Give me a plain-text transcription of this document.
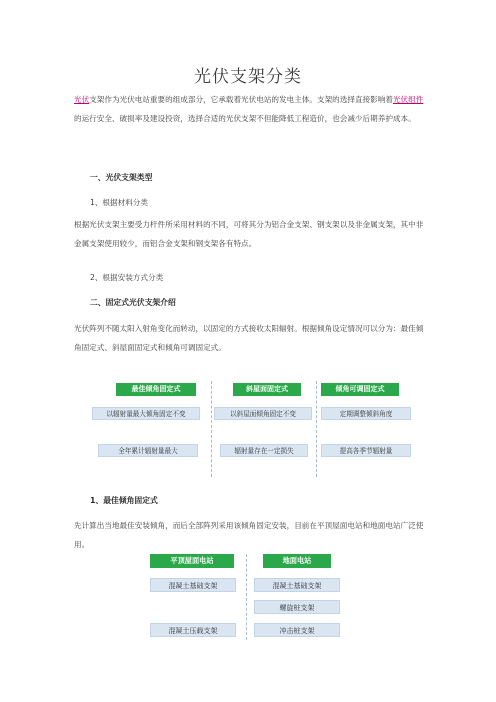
光伏支架分类
光伏支架作为光伏电站重要的组成部分，它承载着光伏电站的发电主体。支架的选择直接影响着光伏组件的运行安全、破损率及建设投资，选择合适的光伏支架不但能降低工程造价，也会减少后期养护成本。
一、光伏支架类型
1、根据材料分类
根据光伏支架主要受力杆件所采用材料的不同，可将其分为铝合金支架、钢支架以及非金属支架，其中非金属支架使用较少，而铝合金支架和钢支架各有特点。
2、根据安装方式分类
二、固定式光伏支架介绍
光伏阵列不随太阳入射角变化而转动，以固定的方式接收太阳辐射。根据倾角设定情况可以分为：最佳倾角固定式、斜屋面固定式和倾角可调固定式。
最佳倾角固定式	斜屋面固定式	倾角可调固定式
以辐射量最大倾角固定不变	以斜屋面倾角固定不变	定期调整倾斜角度
全年累计辐射量最大	辐射量存在一定损失	提高各季节辐射量
1、最佳倾角固定式
先计算出当地最佳安装倾角，而后全部阵列采用该倾角固定安装，目前在平顶屋面电站和地面电站广泛使用。
平顶屋面电站	地面电站
混凝土基础支架
混凝土压载支架
混凝土基础支架
螺旋桩支架
冲击桩支架
